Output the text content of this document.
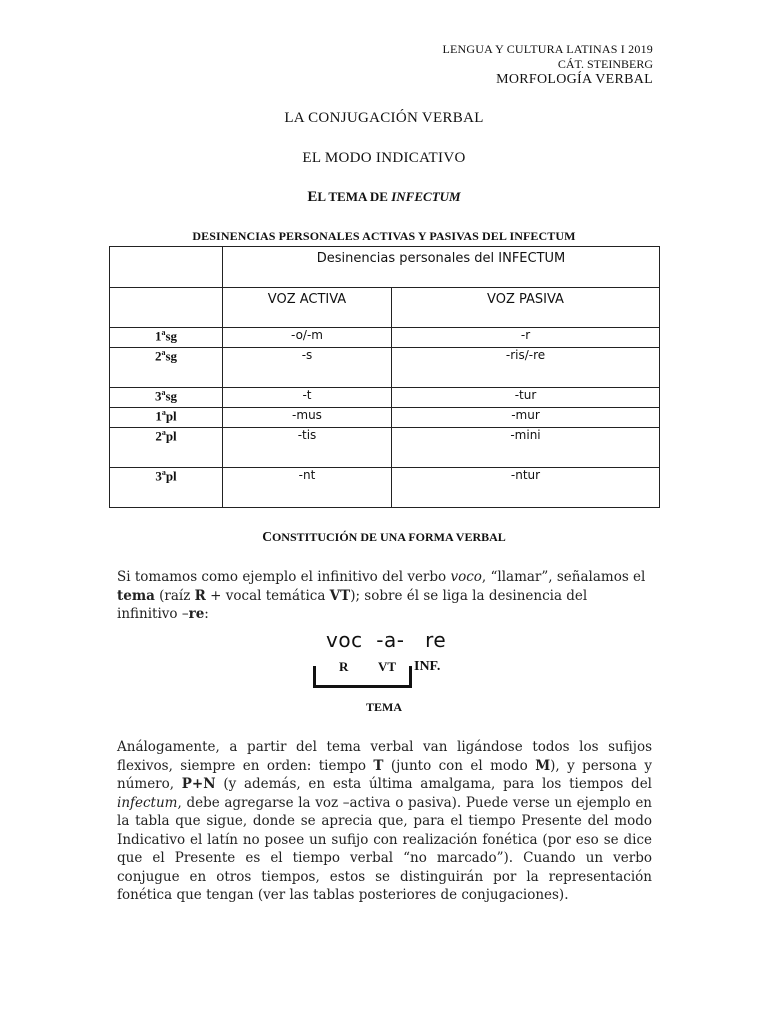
LENGUA Y CULTURA LATINAS I 2019
CÁT. STEINBERG
MORFOLOGÍA VERBAL
LA CONJUGACIÓN VERBAL
EL MODO INDICATIVO
EL TEMA DE INFECTUM
DESINENCIAS PERSONALES ACTIVAS Y PASIVAS DEL INFECTUM
	Desinencias personales del INFECTUM	
	VOZ ACTIVA	VOZ PASIVA
1$^a$sg	-o/-m	-r
2$^a$sg	-s	-ris/-re
3$^a$sg	-t	-tur
1$^a$pl	-mus	-mur
2$^a$pl	-tis	-mini
3$^a$pl	-nt	-ntur
CONSTITUCIÓN DE UNA FORMA VERBAL
Si tomamos como ejemplo el infinitivo del verbo voco, “llamar”, señalamos el tema (raíz R + vocal temática VT); sobre él se liga la desinencia del infinitivo –re:
voc -a- re
R VT INF.
TEMA
Análogamente, a partir del tema verbal van ligándose todos los sufijos flexivos, siempre en orden: tiempo T (junto con el modo M), y persona y número, P+N (y además, en esta última amalgama, para los tiempos del infectum, debe agregarse la voz –activa o pasiva). Puede verse un ejemplo en la tabla que sigue, donde se aprecia que, para el tiempo Presente del modo Indicativo el latín no posee un sufijo con realización fonética (por eso se dice que el Presente es el tiempo verbal “no marcado”). Cuando un verbo conjugue en otros tiempos, estos se distinguirán por la representación fonética que tengan (ver las tablas posteriores de conjugaciones).
